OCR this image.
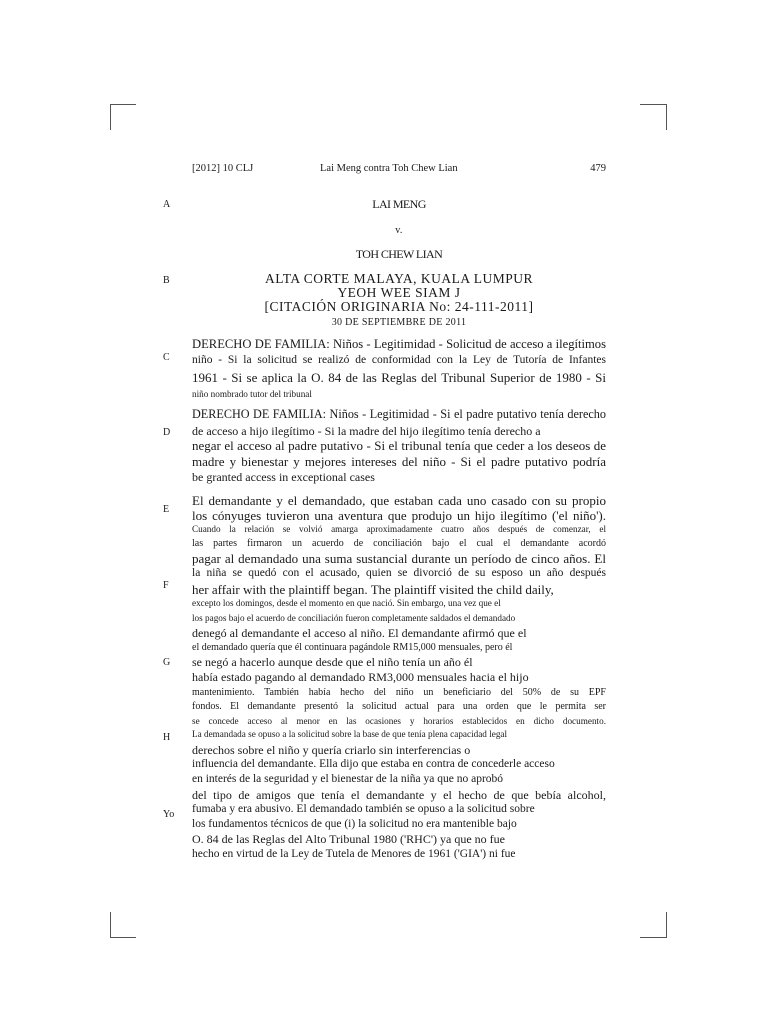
[2012] 10 CLJ	Lai Meng contra Toh Chew Lian	479
A
B
C
D
E
F
G
H
Yo
LAI MENG
v.
TOH CHEW LIAN
ALTA CORTE MALAYA, KUALA LUMPUR
YEOH WEE SIAM J
[CITACIÓN ORIGINARIA No: 24-111-2011]
30 DE SEPTIEMBRE DE 2011
DERECHO DE FAMILIA: Niños - Legitimidad - Solicitud de acceso a ilegítimos
niño - Si la solicitud se realizó de conformidad con la Ley de Tutoría de Infantes
1961 - Si se aplica la O. 84 de las Reglas del Tribunal Superior de 1980 - Si
niño nombrado tutor del tribunal
DERECHO DE FAMILIA: Niños - Legitimidad - Si el padre putativo tenía derecho
de acceso a hijo ilegítimo - Si la madre del hijo ilegítimo tenía derecho a
negar el acceso al padre putativo - Si el tribunal tenía que ceder a los deseos de
madre y bienestar y mejores intereses del niño - Si el padre putativo podría
be granted access in exceptional cases
El demandante y el demandado, que estaban cada uno casado con su propio
los cónyuges tuvieron una aventura que produjo un hijo ilegítimo ('el niño').
Cuando la relación se volvió amarga aproximadamente cuatro años después de comenzar, el
las partes firmaron un acuerdo de conciliación bajo el cual el demandante acordó
pagar al demandado una suma sustancial durante un período de cinco años. El
la niña se quedó con el acusado, quien se divorció de su esposo un año después
her affair with the plaintiff began. The plaintiff visited the child daily,
excepto los domingos, desde el momento en que nació. Sin embargo, una vez que el
los pagos bajo el acuerdo de conciliación fueron completamente saldados el demandado
denegó al demandante el acceso al niño. El demandante afirmó que el
el demandado quería que él continuara pagándole RM15,000 mensuales, pero él
se negó a hacerlo aunque desde que el niño tenía un año él
había estado pagando al demandado RM3,000 mensuales hacia el hijo
mantenimiento. También había hecho del niño un beneficiario del 50% de su EPF
fondos. El demandante presentó la solicitud actual para una orden que le permita ser
se concede acceso al menor en las ocasiones y horarios establecidos en dicho documento.
La demandada se opuso a la solicitud sobre la base de que tenía plena capacidad legal
derechos sobre el niño y quería criarlo sin interferencias o
influencia del demandante. Ella dijo que estaba en contra de concederle acceso
en interés de la seguridad y el bienestar de la niña ya que no aprobó
del tipo de amigos que tenía el demandante y el hecho de que bebía alcohol,
fumaba y era abusivo. El demandado también se opuso a la solicitud sobre
los fundamentos técnicos de que (i) la solicitud no era mantenible bajo
O. 84 de las Reglas del Alto Tribunal 1980 ('RHC') ya que no fue
hecho en virtud de la Ley de Tutela de Menores de 1961 ('GIA') ni fue
